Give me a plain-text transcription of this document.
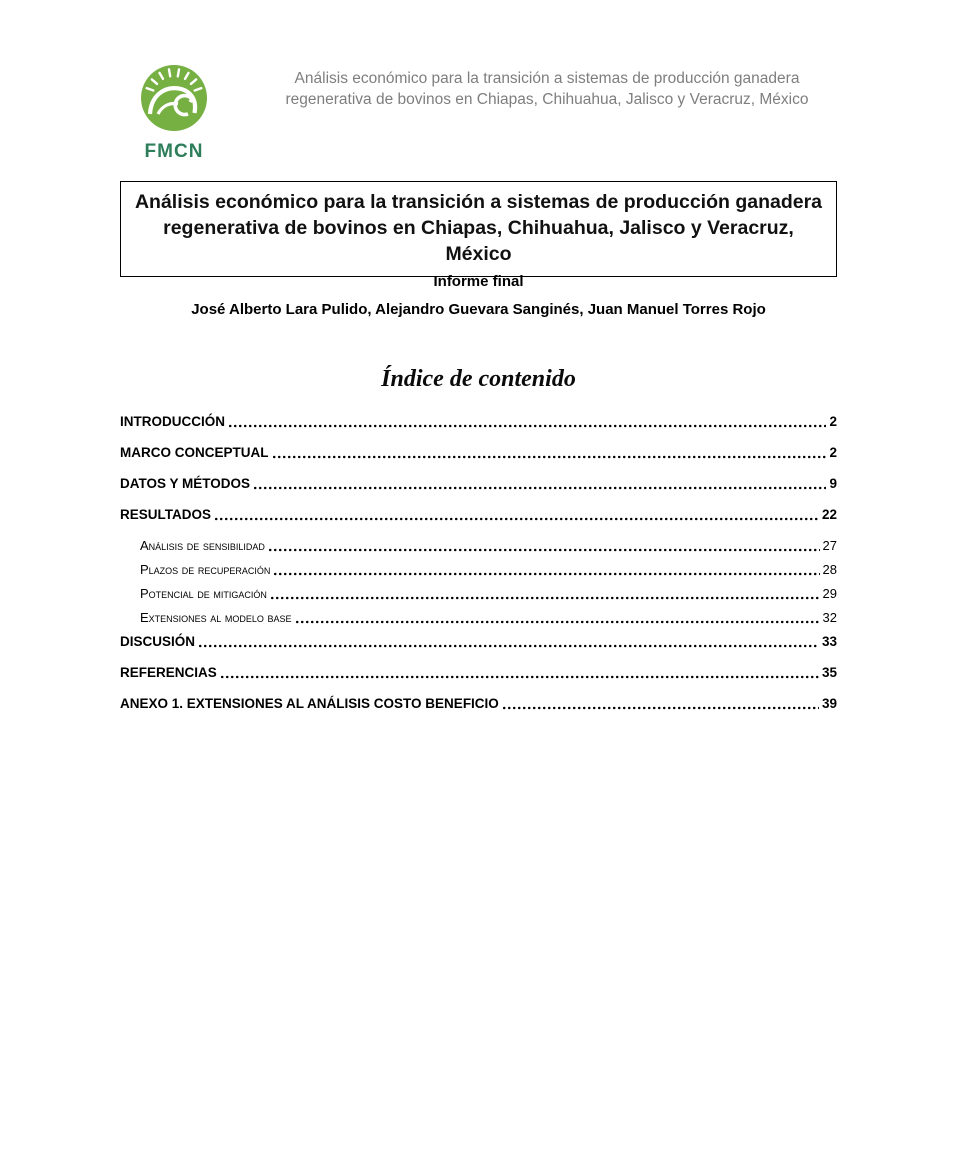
FMCN
Análisis económico para la transición a sistemas de producción ganadera
regenerativa de bovinos en Chiapas, Chihuahua, Jalisco y Veracruz, México
Análisis económico para la transición a sistemas de producción ganadera regenerativa de bovinos en Chiapas, Chihuahua, Jalisco y Veracruz, México
Informe final
José Alberto Lara Pulido, Alejandro Guevara Sanginés, Juan Manuel Torres Rojo
Índice de contenido
INTRODUCCIÓN	2
MARCO CONCEPTUAL	2
DATOS Y MÉTODOS	9
RESULTADOS	22
Análisis de sensibilidad	27
Plazos de recuperación	28
Potencial de mitigación	29
Extensiones al modelo base	32
DISCUSIÓN	33
REFERENCIAS	35
ANEXO 1. EXTENSIONES AL ANÁLISIS COSTO BENEFICIO	39
